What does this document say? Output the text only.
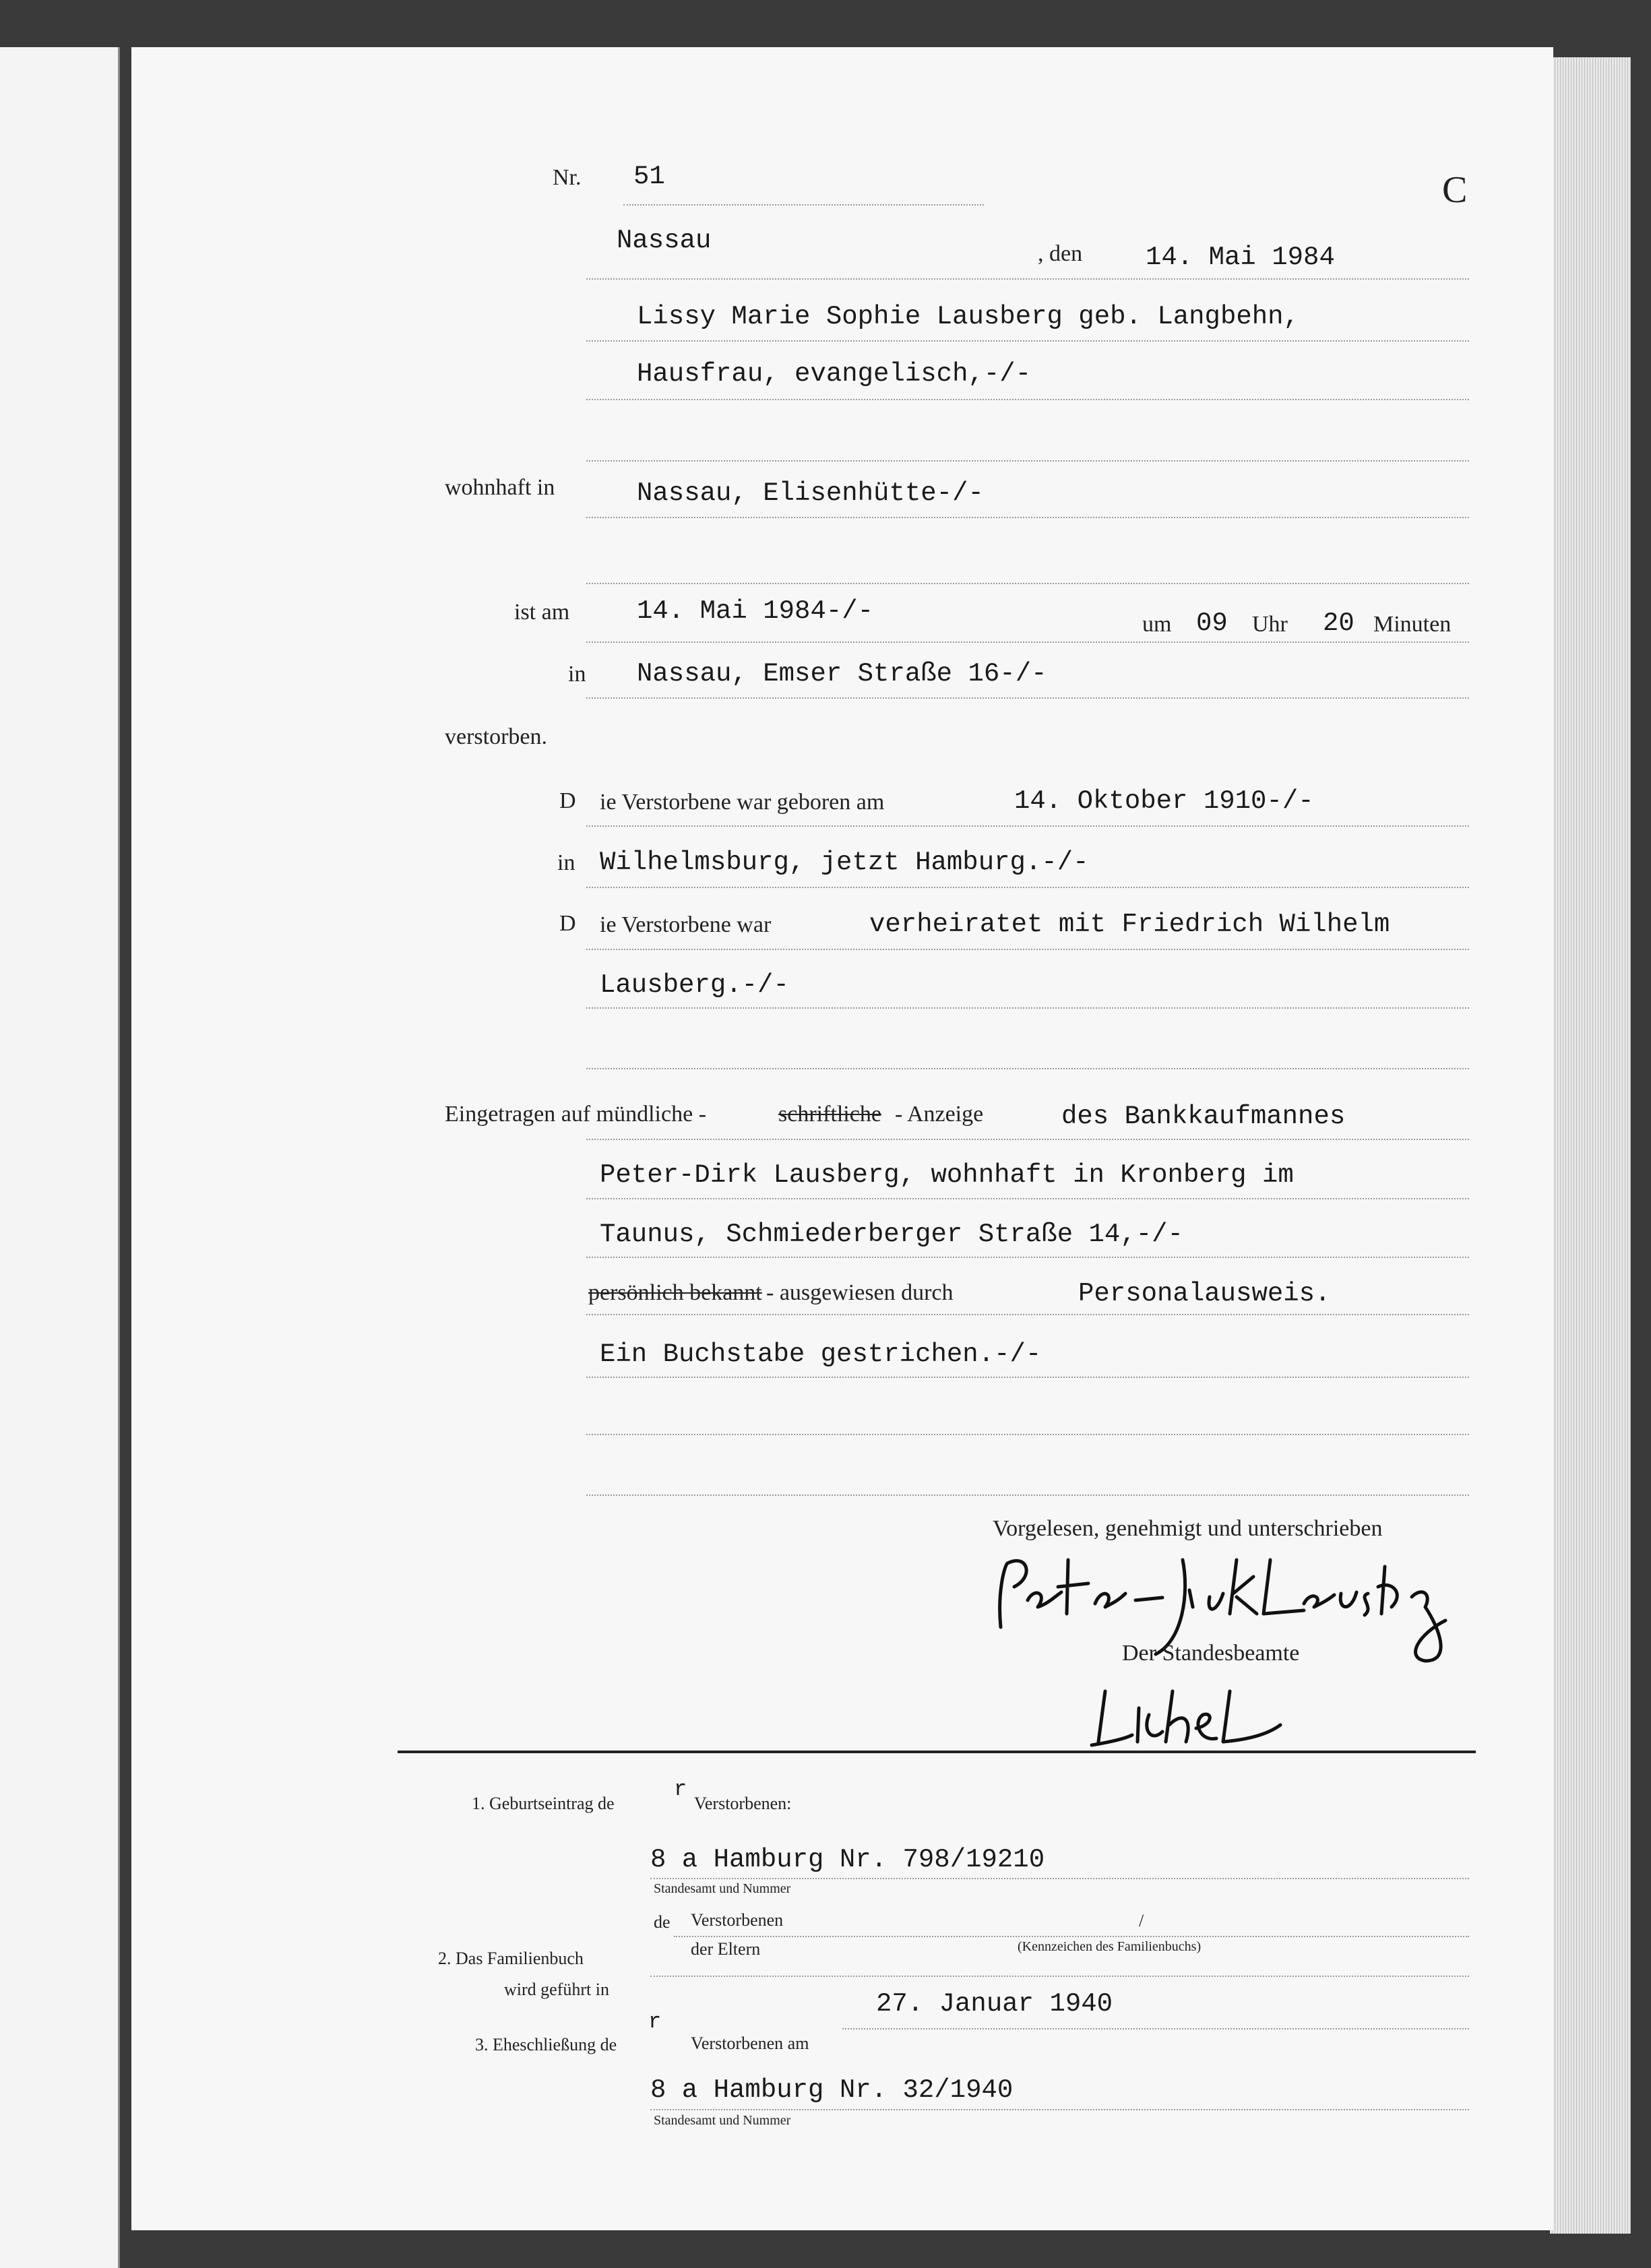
Nr. 51	C
Nassau	, den 14. Mai 1984
Lissy Marie Sophie Lausberg geb. Langbehn,
Hausfrau, evangelisch,-/-
wohnhaft in	Nassau, Elisenhütte-/-
ist am	14. Mai 1984-/-	um 09 Uhr 20 Minuten
in Nassau, Emser Straße 16-/-
verstorben.
D ie Verstorbene war geboren am	14. Oktober 1910-/-
in Wilhelmsburg, jetzt Hamburg.-/-
D ie Verstorbene war	verheiratet mit Friedrich Wilhelm
Lausberg.-/-
Eingetragen auf mündliche -	schriftliche - Anzeige	des Bankkaufmannes
Peter-Dirk Lausberg, wohnhaft in Kronberg im
Taunus, Schmiederberger Straße 14,-/-
persönlich bekannt - ausgewiesen durch	Personalausweis.
Ein Buchstabe gestrichen.-/-
Vorgelesen, genehmigt und unterschrieben
Der Standesbeamte
1. Geburtseintrag de
r
Verstorbenen:
8 a Hamburg Nr. 798/19210
Standesamt und Nummer
de Verstorbenen	/
(Kennzeichen des Familienbuchs)
2. Das Familienbuch	der Eltern
wird geführt in	27. Januar 1940
3. Eheschließung de
r
Verstorbenen am
8 a Hamburg Nr. 32/1940
Standesamt und Nummer
